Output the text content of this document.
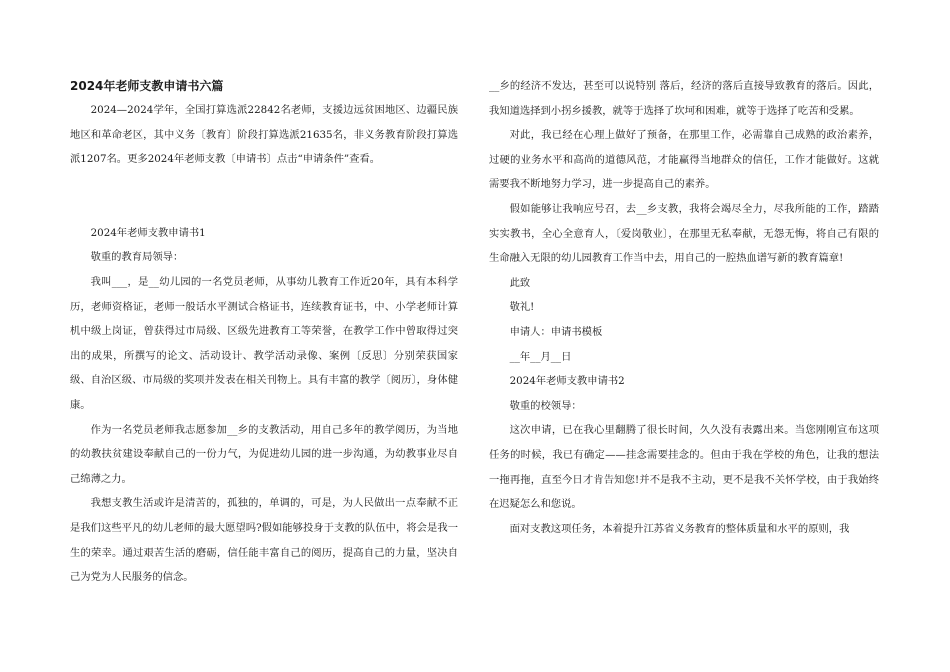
2024年老师支教申请书六篇

2024—2024学年，全国打算选派22842名老师，支援边远贫困地区、边疆民族地区和革命老区，其中义务〔教育〕阶段打算选派21635名，非义务教育阶段打算选派1207名。更多2024年老师支教〔申请书〕点击“申请条件”查看。

2024年老师支教申请书1

敬重的教育局领导：

我叫___，是__幼儿园的一名党员老师，从事幼儿教育工作近20年，具有本科学历，老师资格证，老师一般话水平测试合格证书，连续教育证书，中、小学老师计算机中级上岗证，曾获得过市局级、区级先进教育工等荣誉，在教学工作中曾取得过突出的成果，所撰写的论文、活动设计、教学活动录像、案例〔反思〕分别荣获国家级、自治区级、市局级的奖项并发表在相关刊物上。具有丰富的教学〔阅历〕，身体健康。

作为一名党员老师我志愿参加__乡的支教活动，用自己多年的教学阅历，为当地的幼教扶贫建设奉献自己的一份力气，为促进幼儿园的进一步沟通，为幼教事业尽自己绵薄之力。

我想支教生活或许是清苦的，孤独的，单调的，可是，为人民做出一点奉献不正是我们这些平凡的幼儿老师的最大愿望吗?假如能够投身于支教的队伍中，将会是我一生的荣幸。通过艰苦生活的磨砺，信任能丰富自己的阅历，提高自己的力量，坚决自己为党为人民服务的信念。

__乡的经济不发达，甚至可以说特别 落后，经济的落后直接导致教育的落后。因此，我知道选择到小拐乡援教，就等于选择了坎坷和困难，就等于选择了吃苦和受累。

对此，我已经在心理上做好了预备，在那里工作，必需靠自己成熟的政治素养，过硬的业务水平和高尚的道德风范，才能赢得当地群众的信任，工作才能做好。这就需要我不断地努力学习，进一步提高自己的素养。

假如能够让我响应号召，去__乡支教，我将会竭尽全力，尽我所能的工作，踏踏实实教书，全心全意育人，〔爱岗敬业〕，在那里无私奉献，无怨无悔，将自己有限的生命融入无限的幼儿园教育工作当中去，用自己的一腔热血谱写新的教育篇章!

此致

敬礼!

申请人：申请书模板

__年__月__日

2024年老师支教申请书2

敬重的校领导：

这次申请，已在我心里翻腾了很长时间，久久没有表露出来。当您刚刚宣布这项任务的时候，我已有确定——挂念需要挂念的。但由于我在学校的角色，让我的想法一拖再拖，直至今日才肯告知您!并不是我不主动，更不是我不关怀学校，由于我始终在迟疑怎么和您说。

面对支教这项任务，本着提升江苏省义务教育的整体质量和水平的原则，我
